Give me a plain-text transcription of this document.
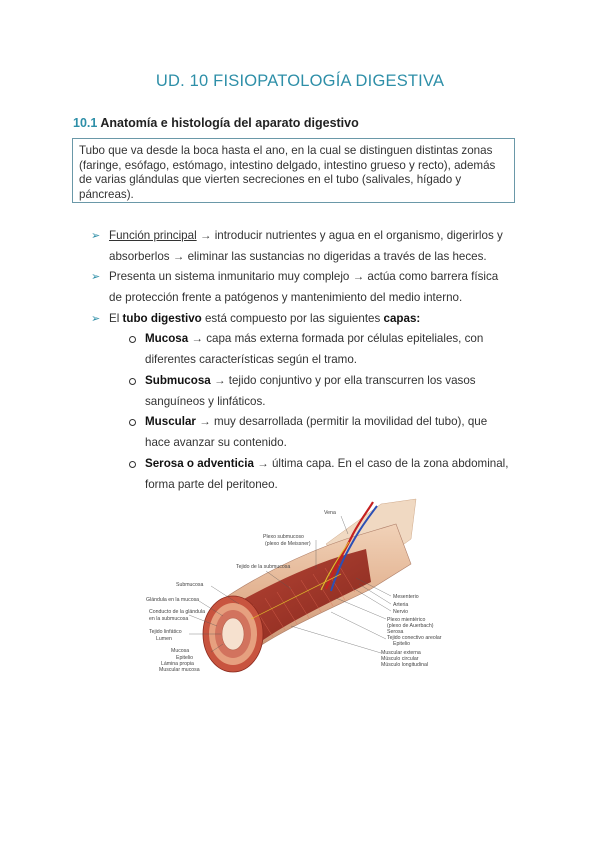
UD. 10 FISIOPATOLOGÍA DIGESTIVA
10.1 Anatomía e histología del aparato digestivo
Tubo que va desde la boca hasta el ano, en la cual se distinguen distintas zonas (faringe, esófago, estómago, intestino delgado, intestino grueso y recto), además de varias glándulas que vierten secreciones en el tubo (salivales, hígado y páncreas).
➢ Función principal → introducir nutrientes y agua en el organismo, digerirlos y
absorberlos → eliminar las sustancias no digeridas a través de las heces.
➢ Presenta un sistema inmunitario muy complejo → actúa como barrera física
de protección frente a patógenos y mantenimiento del medio interno.
➢ El tubo digestivo está compuesto por las siguientes capas:
Mucosa → capa más externa formada por células epiteliales, con
diferentes características según el tramo.
Submucosa → tejido conjuntivo y por ella transcurren los vasos
sanguíneos y linfáticos.
Muscular → muy desarrollada (permitir la movilidad del tubo), que
hace avanzar su contenido.
Serosa o adventicia → última capa. En el caso de la zona abdominal,
forma parte del peritoneo.
Vena
Plexo submucoso
(plexo de Meissner)
Tejido de la submucosa
Submucosa
Glándula en la mucosa
Conducto de la glándula
en la submucosa
Tejido linfático
Lumen
Mucosa
Epitelio
Lámina propia
Muscular mucosa
Mesenterio
Arteria
Nervio
Plexo mientérico
(plexo de Auerbach)
Serosa
Tejido conectivo areolar
Epitelio
Muscular externa
Músculo circular
Músculo longitudinal
